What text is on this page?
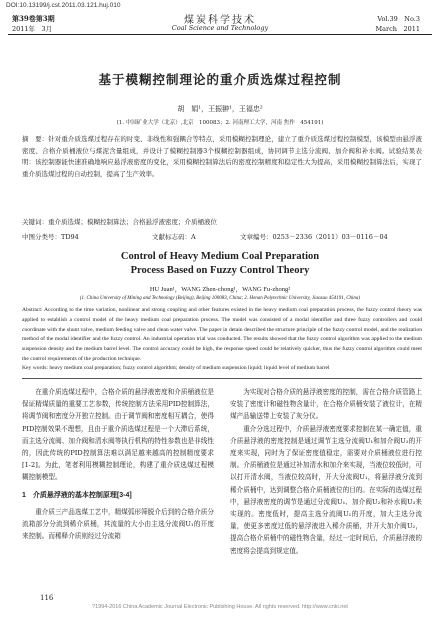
DOI:10.13199/j.cst.2011.03.121.huj.010
第39卷第3期
2011年　3月
煤炭科学技术
Coal Science and Technology
Vol.39　No.3
March　2011
基于模糊控制理论的重介质选煤过程控制
胡　娟¹，王振翀¹，王福忠²
(1. 中国矿业大学（北京）,北京　100083；2. 河南理工大学，河南 焦作　454191)
摘　要：针对重介质选煤过程存在的时变、非线性和强耦合等特点，采用模糊控制理论，建立了重介质选煤过程控制模型，该模型由悬浮液密度、合格介质桶液位与煤泥含量组成，并设计了模糊控制器3个模糊控制器组成，协同调节主选分流阀、加介阀和补水阀。试验结果表明：该控制器能快速准确地响应悬浮液密度的变化，采用模糊控制算法后的密度控制精度和稳定性大为提高，采用模糊控制算法后，实现了重介质选煤过程的自动控制，提高了生产效率。
关键词：重介质选煤；模糊控制算法；合格悬浮液密度；介质桶液位
中图分类号：TD94	文献标志码：A	文章编号：0253－2336（2011）03－0116－04
Control of Heavy Medium Coal Preparation
Process Based on Fuzzy Control Theory
HU Juan¹，WANG Zhen-chong¹，WANG Fu-zhong²
(1. China University of Mining and Technology (Beijing), Beijing 100083, China; 2. Henan Polytechnic University, Jiaozuo 454191, China)
Abstract: According to the time variation, nonlinear and strong coupling and other features existed in the heavy medium coal preparation process, the fuzzy control theory was applied to establish a control model of the heavy medium coal preparation process. The model was consisted of a modal identifier and three fuzzy controllers and could coordinate with the shunt valve, medium feeding valve and clean water valve. The paper in detain described the structure principle of the fuzzy control model, and the realization method of the modal identifier and the fuzzy control. An industrial operation trial was conducted. The results showed that the fuzzy control algorithm was applied to the medium suspension density and the medium barrel level. The control accuracy could be high, the response speed could be relatively quicker, thus the fuzzy control algorithm could meet the control requirements of the production technique.
Key words: heavy medium coal preparation; fuzzy control algorithm; density of medium suspension liquid; liquid level of medium barrel

在重介质选煤过程中，合格介质的悬浮液密度和介质桶液位是保证精煤质量的重要工艺参数，传统控制方法采用PID控制算法，将调节阀和密度分开独立控制。由于调节阀和密度相互耦合，使得PID控制效果不理想，且由于重介质选煤过程是一个大滞后系统，而主选分流阀、加介阀和清水阀等执行机构的特性参数也是非线性的，因此传统的PID控制算法难以满足越来越高的控制精度要求[1-2]。为此，笔者利用模糊控制理论，构建了重介质选煤过程模糊控制模型。

1　介质悬浮液的基本控制原理[3-4]

重介质三产品选煤工艺中，精煤弧形筛脱介后到的合格介质分流箱部分分流到稀介质桶，其流量的大小由主选分流阀U₁的开度来控制。而稀释介质则经过分流箱

为实现对合格介质的悬浮液密度的控制，需在合格介质管路上安装了密度计和磁性物含量计，在合格介质桶安装了液位计，在精煤产品输送带上安装了灰分仪。

重介分选过程中，介质悬浮液密度要求控制在某一确定值，重介质悬浮液的密度控制是通过调节主选分流阀U₁和加介阀U₂的开度来实现，同时为了保证密度值稳定，需要对介质桶液位进行控制。介质桶液位是通过补加清水和加介来实现，当液位较低时，可以打开清水阀，当液位较高时，开大分流阀U₁，将悬浮液分流到稀介质桶中，达到调整合格介质桶液位的目的。在实际的选煤过程中，悬浮液密度的调节是通过分流阀U₁、加介阀U₂和补水阀U₃来实现的。密度低时，提高主选分流阀U₁的开度，加大主选分流量，使更多密度过低的悬浮液进入稀介质桶，并开大加介阀U₂，提高合格介质桶中的磁性物含量，经过一定时间后，介质悬浮液的密度将会提高到规定值。

116
?1994-2016 China Academic Journal Electronic Publishing House. All rights reserved. http://www.cnki.net
